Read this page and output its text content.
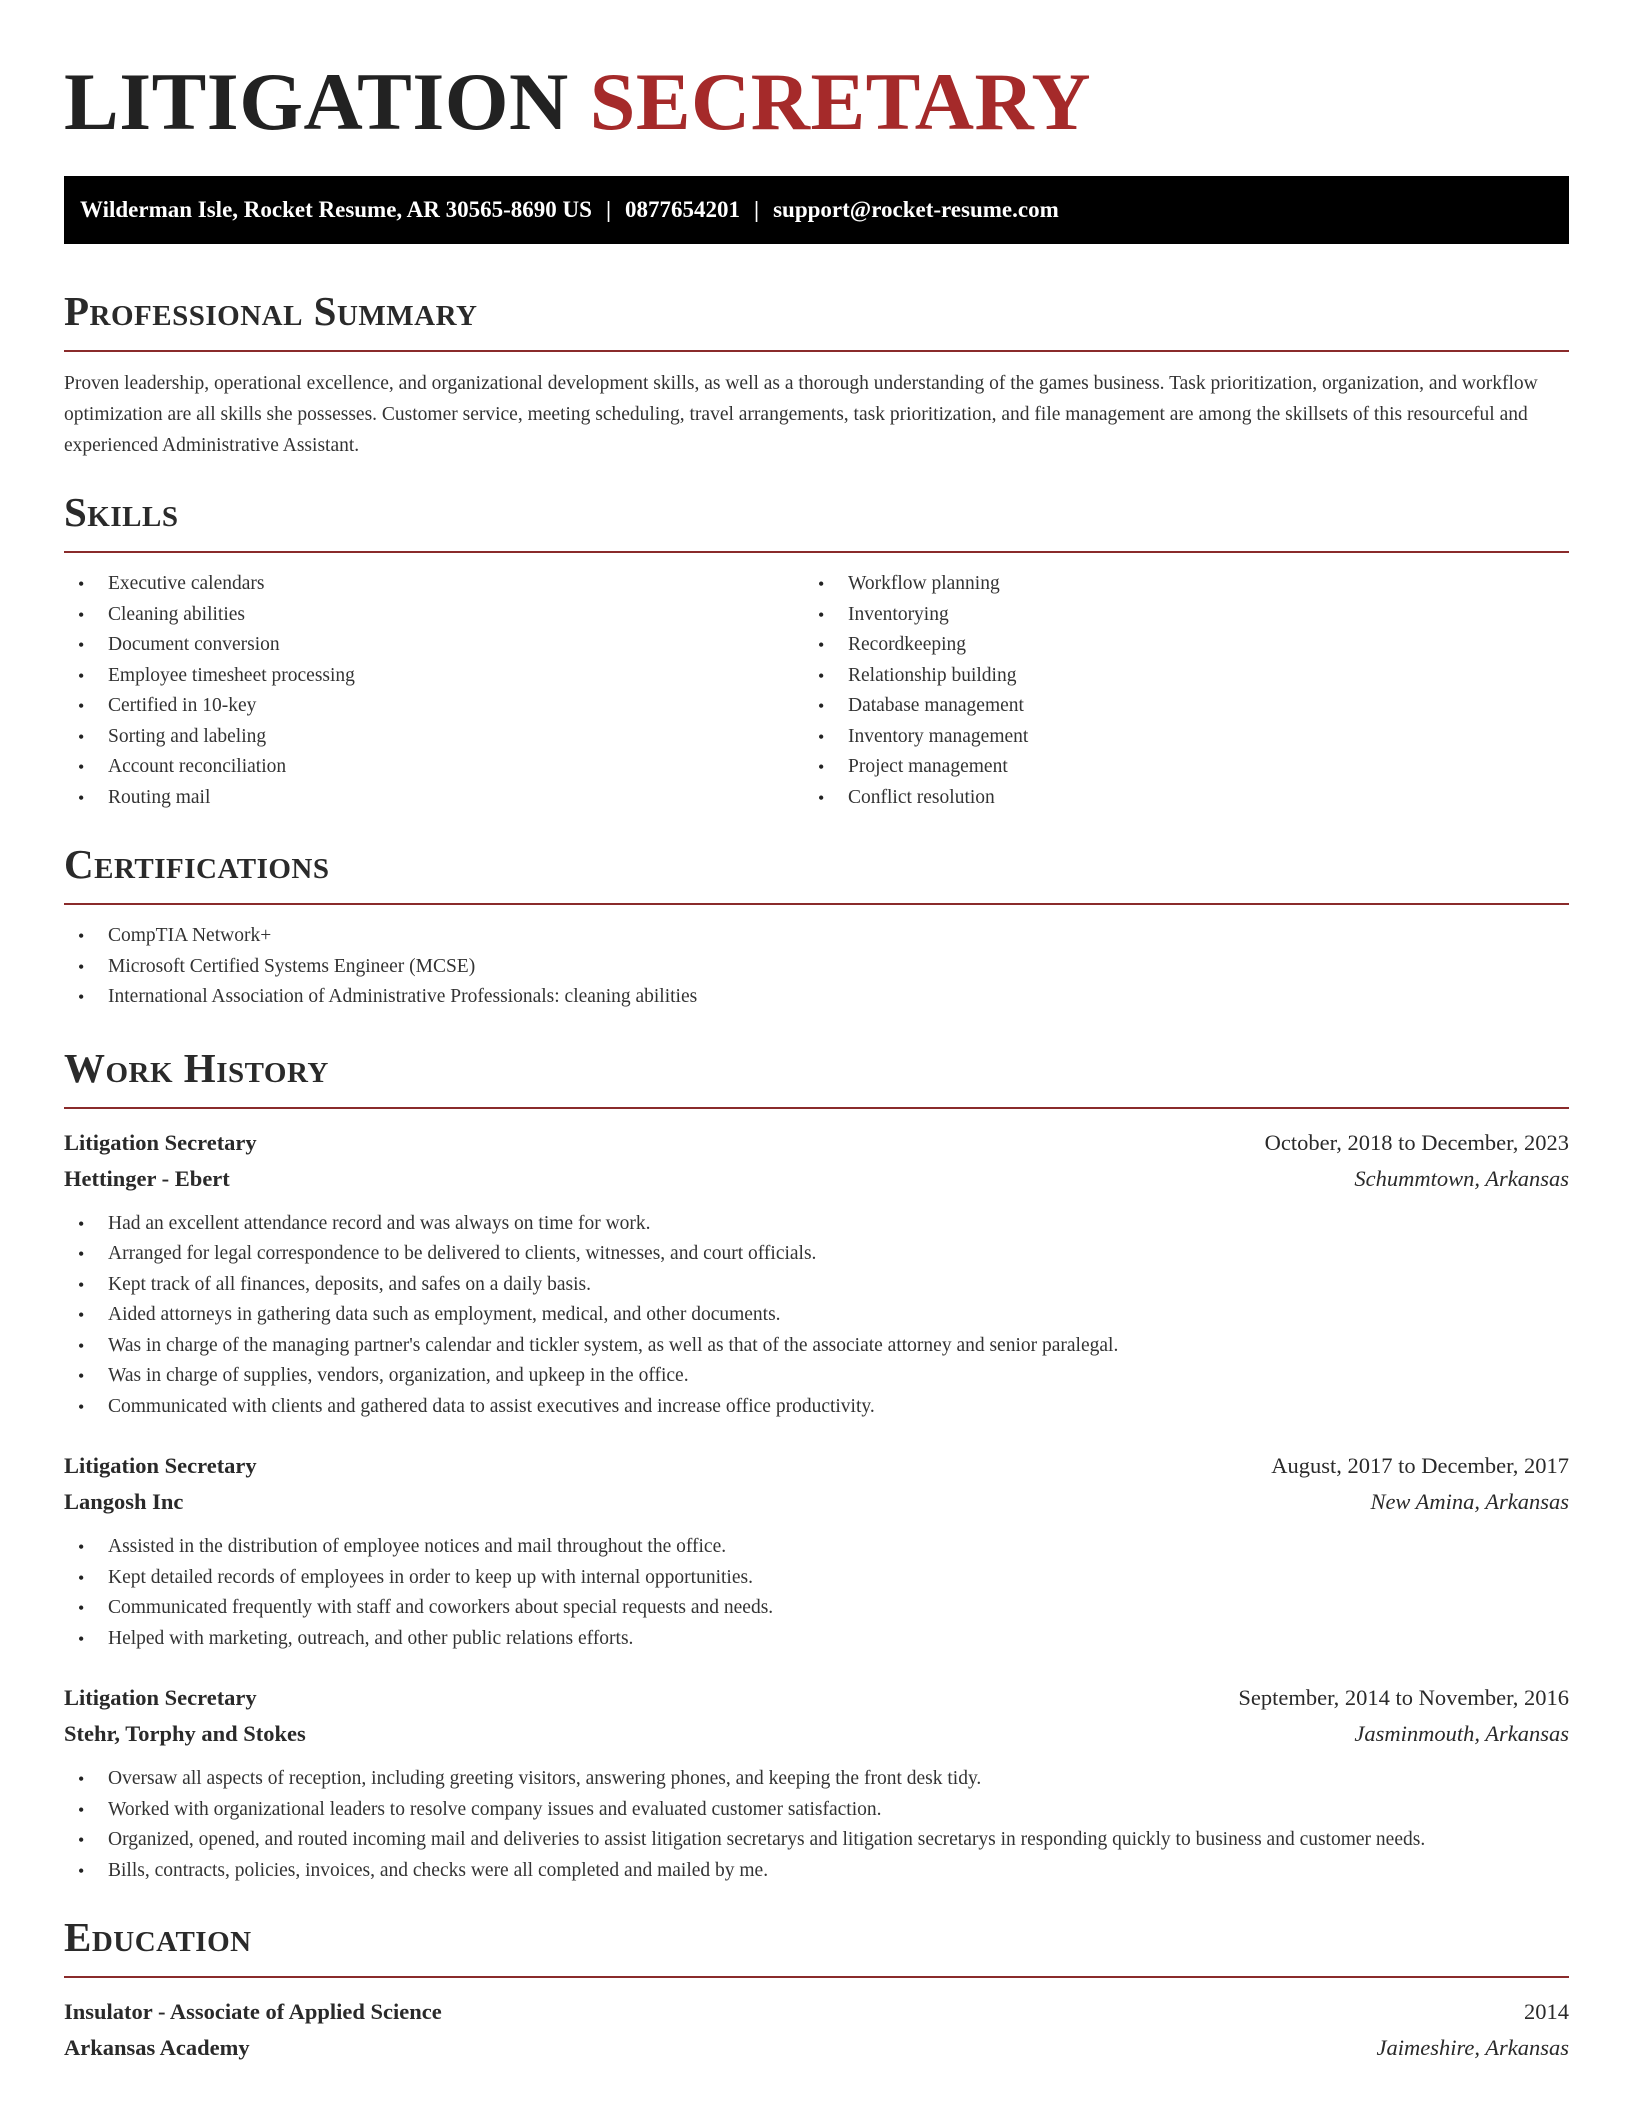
LITIGATION SECRETARY
Wilderman Isle, Rocket Resume, AR 30565-8690 US | 0877654201 | support@rocket-resume.com
Professional Summary

Proven leadership, operational excellence, and organizational development skills, as well as a thorough understanding of the games business. Task prioritization, organization, and workflow optimization are all skills she possesses. Customer service, meeting scheduling, travel arrangements, task prioritization, and file management are among the skillsets of this resourceful and experienced Administrative Assistant.

Skills
• Executive calendars
• Cleaning abilities
• Document conversion
• Employee timesheet processing
• Certified in 10-key
• Sorting and labeling
• Account reconciliation
• Routing mail
• Workflow planning
• Inventorying
• Recordkeeping
• Relationship building
• Database management
• Inventory management
• Project management
• Conflict resolution
Certifications
• CompTIA Network+
• Microsoft Certified Systems Engineer (MCSE)
• International Association of Administrative Professionals: cleaning abilities
Work History
Litigation Secretary	October, 2018 to December, 2023
Hettinger - Ebert	Schummtown, Arkansas
• Had an excellent attendance record and was always on time for work.
• Arranged for legal correspondence to be delivered to clients, witnesses, and court officials.
• Kept track of all finances, deposits, and safes on a daily basis.
• Aided attorneys in gathering data such as employment, medical, and other documents.
• Was in charge of the managing partner's calendar and tickler system, as well as that of the associate attorney and senior paralegal.
• Was in charge of supplies, vendors, organization, and upkeep in the office.
• Communicated with clients and gathered data to assist executives and increase office productivity.
Litigation Secretary	August, 2017 to December, 2017
Langosh Inc	New Amina, Arkansas
• Assisted in the distribution of employee notices and mail throughout the office.
• Kept detailed records of employees in order to keep up with internal opportunities.
• Communicated frequently with staff and coworkers about special requests and needs.
• Helped with marketing, outreach, and other public relations efforts.
Litigation Secretary	September, 2014 to November, 2016
Stehr, Torphy and Stokes	Jasminmouth, Arkansas
• Oversaw all aspects of reception, including greeting visitors, answering phones, and keeping the front desk tidy.
• Worked with organizational leaders to resolve company issues and evaluated customer satisfaction.
• Organized, opened, and routed incoming mail and deliveries to assist litigation secretarys and litigation secretarys in responding quickly to business and customer needs.
• Bills, contracts, policies, invoices, and checks were all completed and mailed by me.
Education
Insulator - Associate of Applied Science	2014
Arkansas Academy	Jaimeshire, Arkansas
